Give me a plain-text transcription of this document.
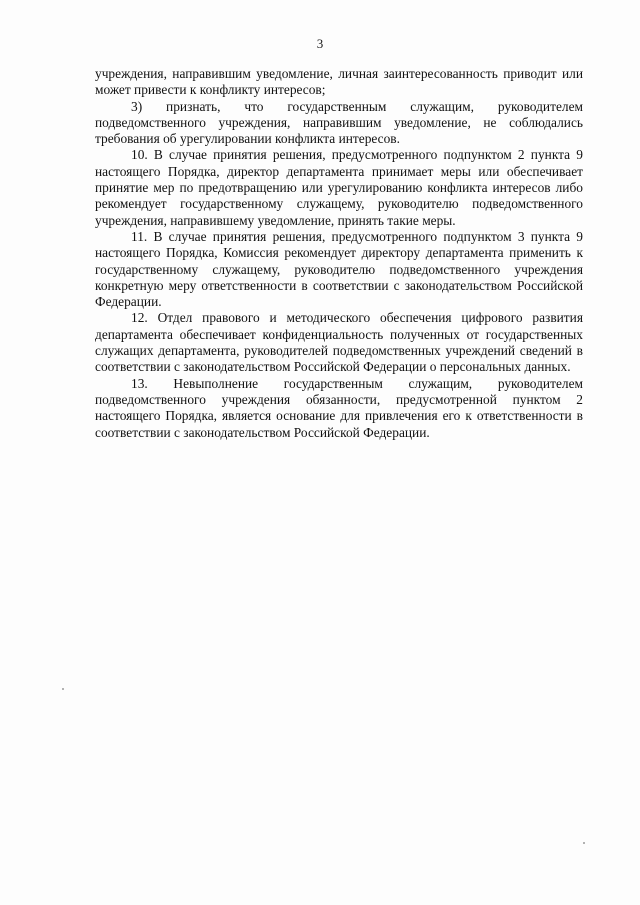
3

учреждения, направившим уведомление, личная заинтересованность приводит или может привести к конфликту интересов;

3) признать, что государственным служащим, руководителем подведомственного учреждения, направившим уведомление, не соблюдались требования об урегулировании конфликта интересов.

10. В случае принятия решения, предусмотренного подпунктом 2 пункта 9 настоящего Порядка, директор департамента принимает меры или обеспечивает принятие мер по предотвращению или урегулированию конфликта интересов либо рекомендует государственному служащему, руководителю подведомственного учреждения, направившему уведомление, принять такие меры.

11. В случае принятия решения, предусмотренного подпунктом 3 пункта 9 настоящего Порядка, Комиссия рекомендует директору департамента применить к государственному служащему, руководителю подведомственного учреждения конкретную меру ответственности в соответствии с законодательством Российской Федерации.

12. Отдел правового и методического обеспечения цифрового развития департамента обеспечивает конфиденциальность полученных от государственных служащих департамента, руководителей подведомственных учреждений сведений в соответствии с законодательством Российской Федерации о персональных данных.

13. Невыполнение государственным служащим, руководителем подведомственного учреждения обязанности, предусмотренной пунктом 2 настоящего Порядка, является основание для привлечения его к ответственности в соответствии с законодательством Российской Федерации.
